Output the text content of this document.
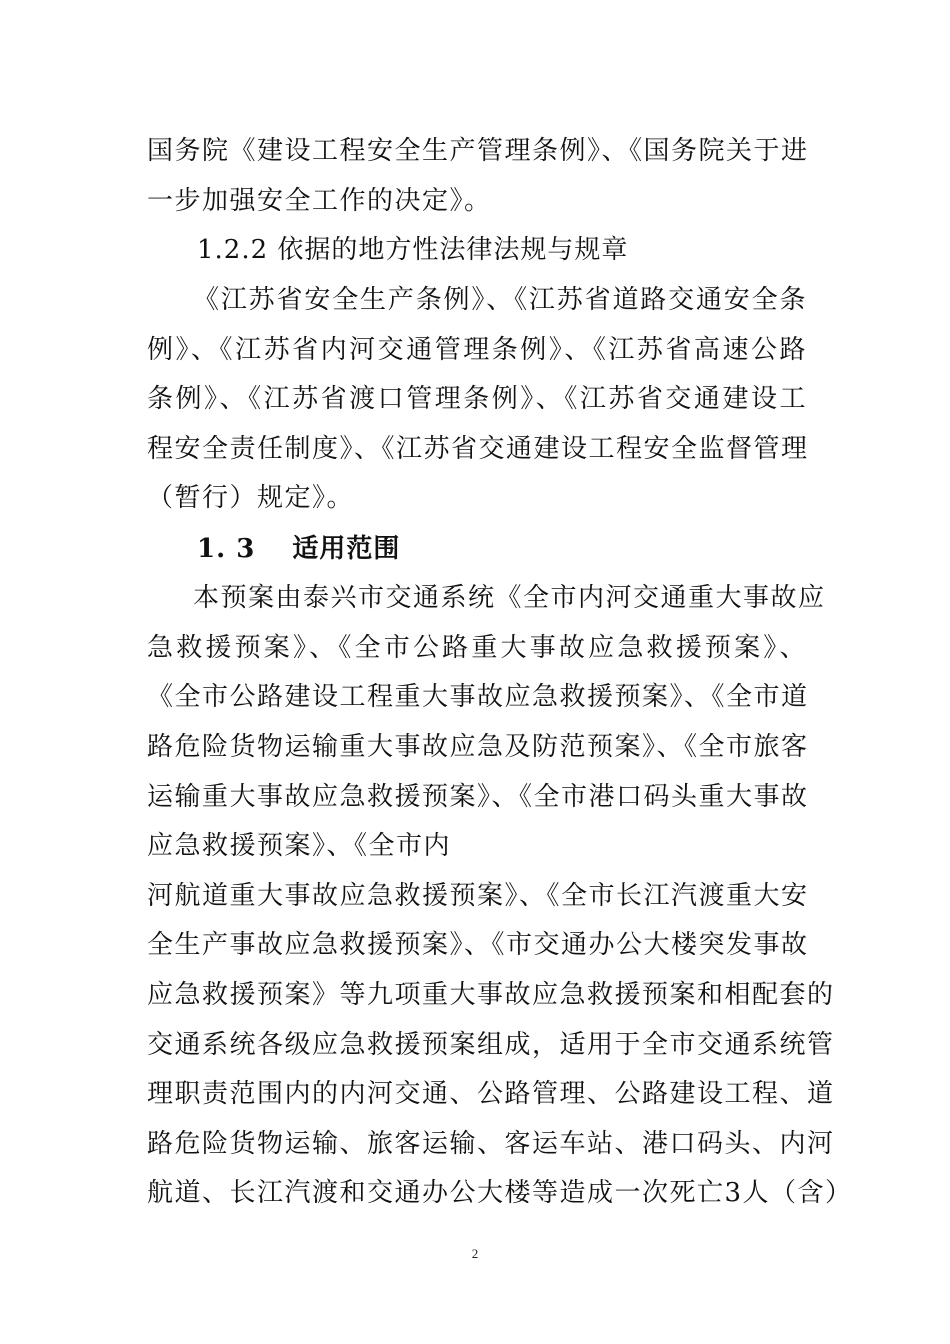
国务院《建设工程安全生产管理条例》、《国务院关于进
一步加强安全工作的决定》。
1.2.2 依据的地方性法律法规与规章
《江苏省安全生产条例》、《江苏省道路交通安全条
例》、《江苏省内河交通管理条例》、《江苏省高速公路
条例》、《江苏省渡口管理条例》、《江苏省交通建设工
程安全责任制度》、《江苏省交通建设工程安全监督管理
（暂行）规定》。
1. 3　 适用范围
本预案由泰兴市交通系统《全市内河交通重大事故应
急救援预案》、《全市公路重大事故应急救援预案》、
《全市公路建设工程重大事故应急救援预案》、《全市道
路危险货物运输重大事故应急及防范预案》、《全市旅客
运输重大事故应急救援预案》、《全市港口码头重大事故
应急救援预案》、《全市内
河航道重大事故应急救援预案》、《全市长江汽渡重大安
全生产事故应急救援预案》、《市交通办公大楼突发事故
应急救援预案》等九项重大事故应急救援预案和相配套的
交通系统各级应急救援预案组成，适用于全市交通系统管
理职责范围内的内河交通、公路管理、公路建设工程、道
路危险货物运输、旅客运输、客运车站、港口码头、内河
航道、长江汽渡和交通办公大楼等造成一次死亡3人（含）
2
